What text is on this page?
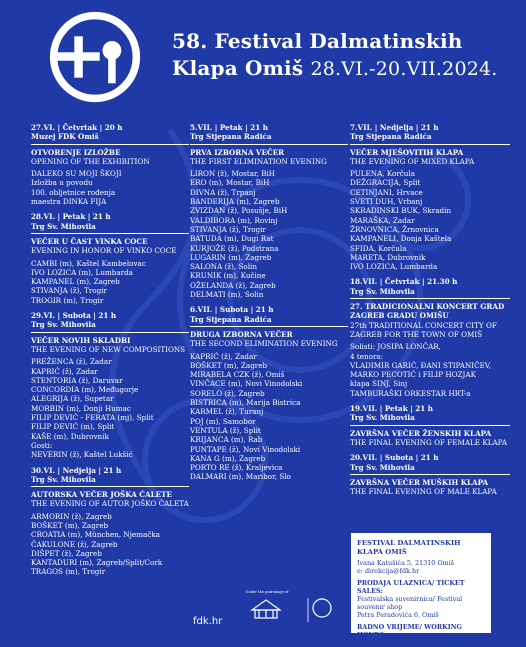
58. Festival Dalmatinskih
Klapa Omiš 28.VI.-20.VII.2024.
27.VI. | Četvrtak | 20 h
Muzej FDK Omiš
OTVORENJE IZLOŽBE
OPENING OF THE EXHIBITION
DALEKO SU MOJI ŠKOJI
Izložba u povodu
100. obljetnice rođenja
maestra DINKA FIJA
28.VI. | Petak | 21 h
Trg Sv. Mihovila
VEČER U ČAST VINKA COCE
EVENING IN HONOR OF VINKO COCE
CAMBI (m), Kaštel Kambelovac
IVO LOZICA (m), Lumbarda
KAMPANEL (m), Zagreb
STIVANJA (ž), Trogir
TROGIR (m), Trogir
29.VI. | Subota | 21 h
Trg Sv. Mihovila
VEČER NOVIH SKLADBI
THE EVENING OF NEW COMPOSITIONS
PREŽENCA (ž), Zadar
KAPRIĆ (ž), Zadar
STENTORIA (ž), Daruvar
CONCORDIA (m), Međugorje
ALEGRIJA (ž), Supetar
MORBIN (m), Donji Humac
FILIP DEVIĆ - FERATA (mj), Split
FILIP DEVIĆ (m), Split
KAŠE (m), Dubrovnik
Gosti:
NEVERIN (ž), Kaštel Lukšić
30.VI. | Nedjelja | 21 h
Trg Sv. Mihovila
AUTORSKA VEČER JOŠKA ĆALETE
THE EVENING OF AUTOR JOŠKO ĆALETA
ARMORIN (ž), Zagreb
BOŠKET (m), Zagreb
CROATIA (m), München, Njemačka
ČAKULONE (ž), Zagreb
DIŠPET (ž), Zagreb
KANTADURI (m), Zagreb/Split/Cork
TRAGOS (m), Trogir
5.VII. | Petak | 21 h
Trg Stjepana Radića
PRVA IZBORNA VEČER
THE FIRST ELIMINATION EVENING
LIRON (ž), Mostar, BiH
ERO (m), Mostar, BiH
DIVNA (ž), Trpanj
BANDERIJA (m), Zagreb
ZVIZDAN (ž), Posušje, BiH
VALDIBORA (m), Rovinj
STIVANJA (ž), Trogir
BATUDA (m), Dugi Rat
KURJOŽE (ž), Podstrana
LUGARIN (m), Zagreb
SALONA (ž), Solin
KRUNIK (m), Kučine
OŽELANDA (ž), Zagreb
DELMATI (m), Solin
6.VII. | Subota | 21 h
Trg Stjepana Radića
DRUGA IZBORNA VEČER
THE SECOND ELIMINATION EVENING
KAPRIĆ (ž), Zadar
BOŠKET (m), Zagreb
MIRABELA CZK (ž), Omiš
VINČACE (m), Novi Vinodolski
SORELO (ž), Zagreb
BISTRICA (m), Marija Bistrica
KARMEL (ž), Turanj
POJ (m), Samobor
VENTULA (ž), Split
KRIJANCA (m), Rab
PUNTAPE (ž), Novi Vinodolski
KANA G (m), Zagreb
PORTO RE (ž), Kraljevica
DALMARI (m), Maribor, Slo
7.VII. | Nedjelja | 21 h
Trg Stjepana Radića
VEČER MJEŠOVITIH KLAPA
THE EVENING OF MIXED KLAPA
PULENA, Korčula
DEŽGRACIJA, Split
CETINJANI, Hrvace
SVETI DUH, Vrbanj
SKRADINSKI BUK, Skradin
MARAŠKA, Zadar
ŽRNOVNICA, Žrnovnica
KAMPANELI, Donja Kaštela
SFIDA, Korčula
MARETA, Dubrovnik
IVO LOZICA, Lumbarda
18.VII. | Četvrtak | 21.30 h
Trg Sv. Mihovila
27. TRADICIONALNI KONCERT GRAD ZAGREB GRADU OMIŠU
27th TRADITIONAL CONCERT CITY OF ZAGREB FOR THE TOWN OF OMIŠ
Solisti: JOSIPA LONČAR,
4 tenora:
VLADIMIR GARIĆ, ĐANI STIPANIČEV,
MARKO PECOTIĆ i FILIP HOZJAK
klapa SINJ, Sinj
TAMBURAŠKI ORKESTAR HRT-a
19.VII. | Petak | 21 h
Trg Sv. Mihovila
ZAVRŠNA VEČER ŽENSKIH KLAPA
THE FINAL EVENING OF FEMALE KLAPA
20.VII. | Subota | 21 h
Trg Sv. Mihovila
ZAVRŠNA VEČER MUŠKIH KLAPA
THE FINAL EVENING OF MALE KLAPA
FESTIVAL DALMATINSKIH
KLAPA OMIŠ
Ivana Katušića 5, 21310 Omiš
e: direkcija@fdk.hr
PRODAJA ULAZNICA/ TICKET SALES:
Festivalska suvenirnica/ Festival souvenir shop
Petra Peradovića 6, Omiš
RADNO VRIJEME/ WORKING HOURS:
8.30 - 11.30 h 17.00 - 21.00 h
Under the patronage of
fdk.hr
